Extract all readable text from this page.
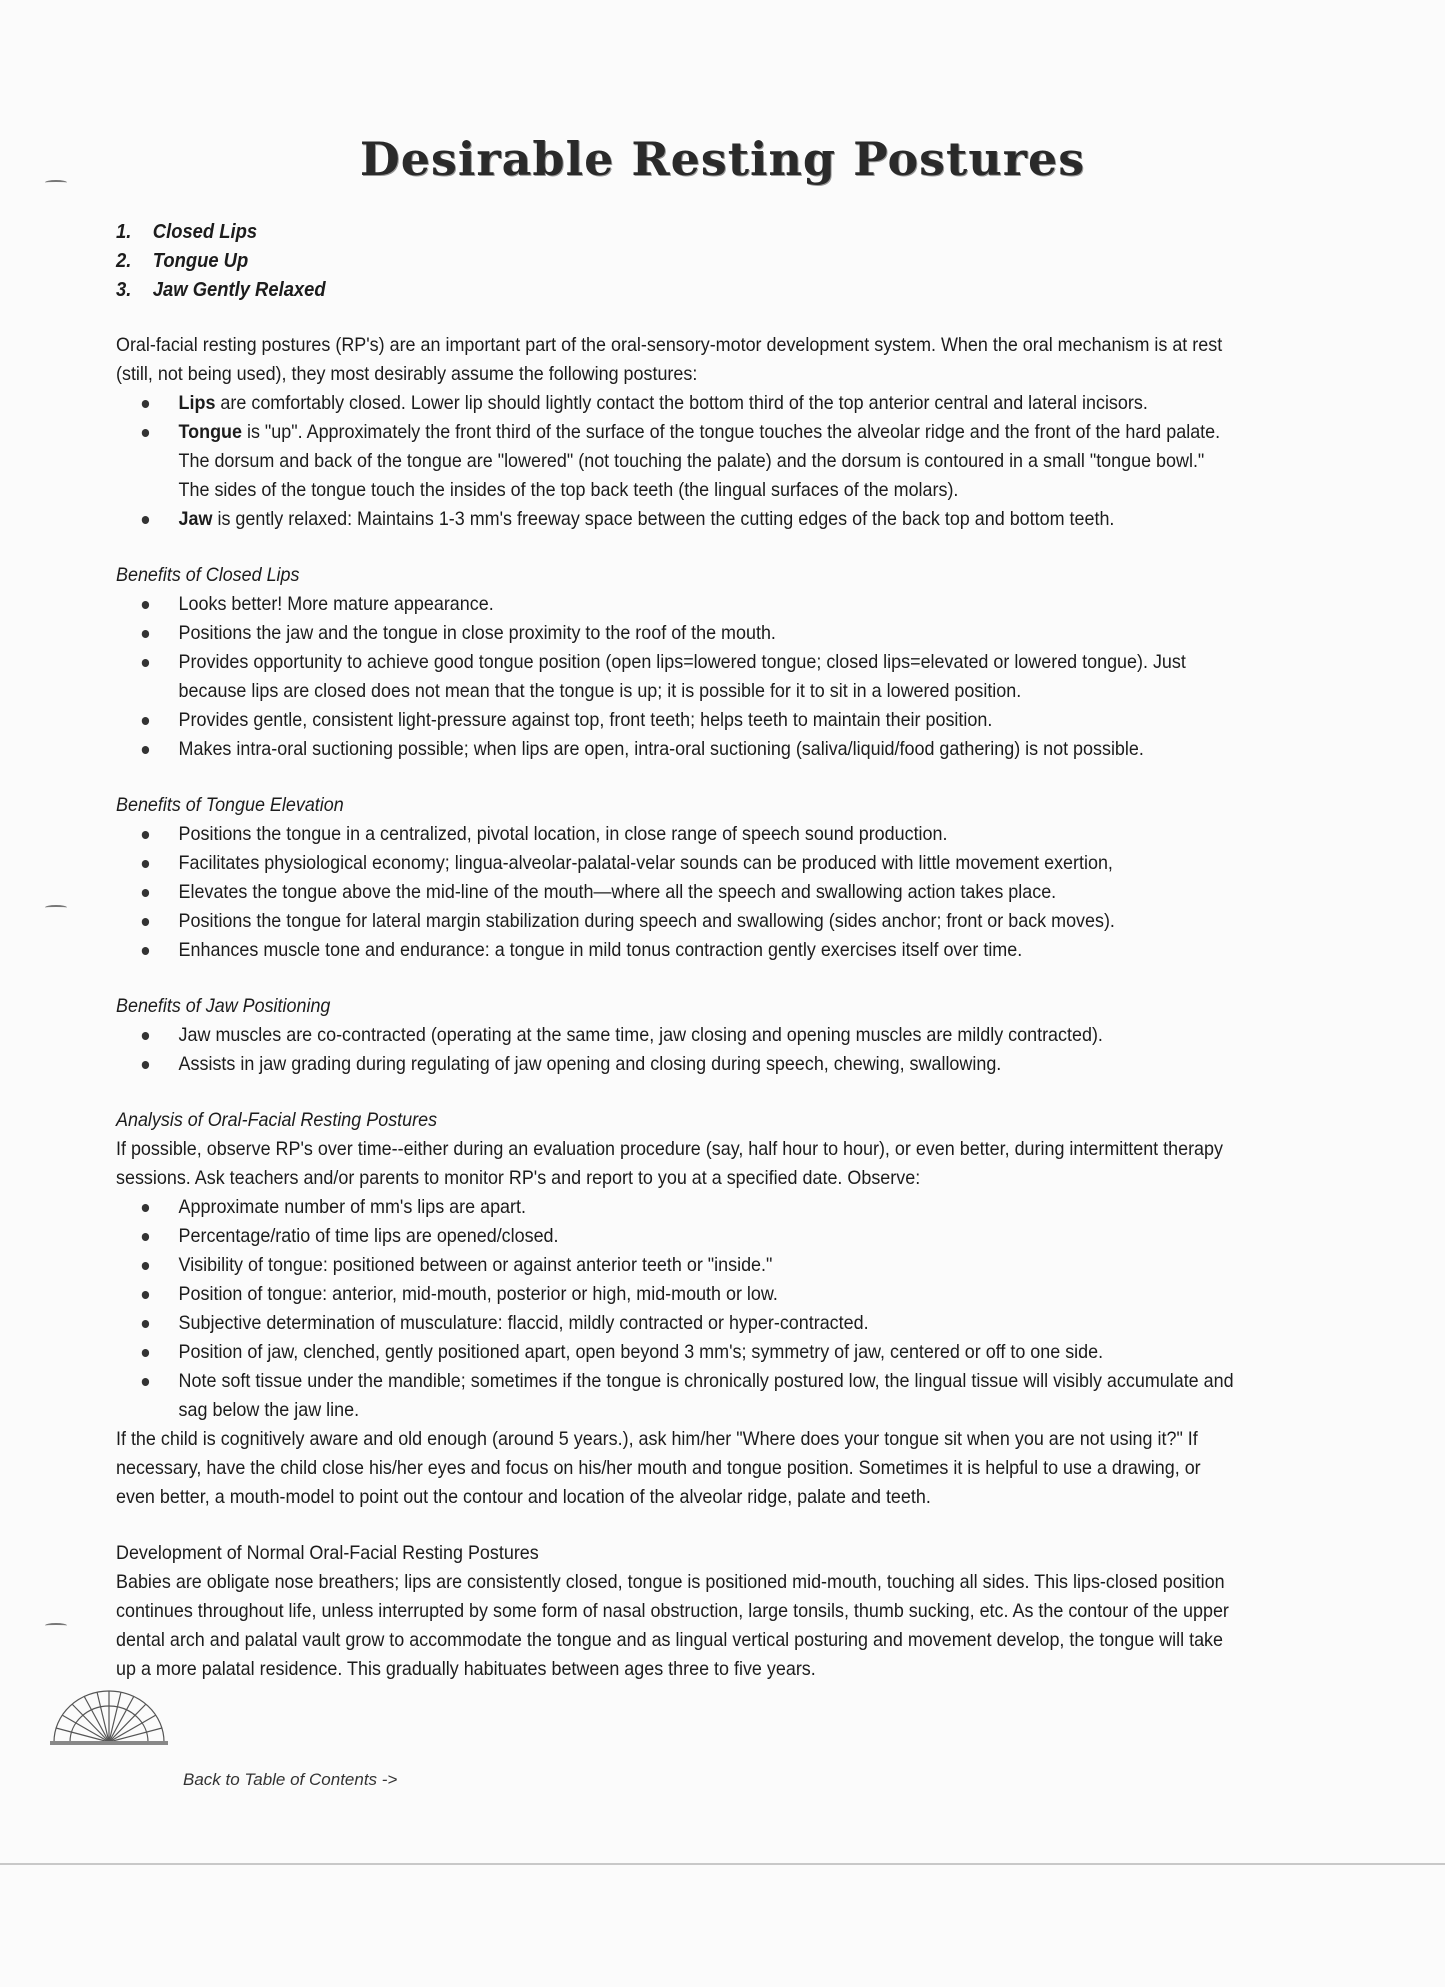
Desirable Resting Postures
1. Closed Lips
2. Tongue Up
3. Jaw Gently Relaxed

Oral-facial resting postures (RP's) are an important part of the oral-sensory-motor development system. When the oral mechanism is at rest (still, not being used), they most desirably assume the following postures:

Lips are comfortably closed. Lower lip should lightly contact the bottom third of the top anterior central and lateral incisors.
Tongue is "up". Approximately the front third of the surface of the tongue touches the alveolar ridge and the front of the hard palate. The dorsum and back of the tongue are "lowered" (not touching the palate) and the dorsum is contoured in a small "tongue bowl." The sides of the tongue touch the insides of the top back teeth (the lingual surfaces of the molars).
Jaw is gently relaxed: Maintains 1-3 mm's freeway space between the cutting edges of the back top and bottom teeth.

Benefits of Closed Lips

Looks better! More mature appearance.
Positions the jaw and the tongue in close proximity to the roof of the mouth.
Provides opportunity to achieve good tongue position (open lips=lowered tongue; closed lips=elevated or lowered tongue). Just because lips are closed does not mean that the tongue is up; it is possible for it to sit in a lowered position.
Provides gentle, consistent light-pressure against top, front teeth; helps teeth to maintain their position.
Makes intra-oral suctioning possible; when lips are open, intra-oral suctioning (saliva/liquid/food gathering) is not possible.

Benefits of Tongue Elevation

Positions the tongue in a centralized, pivotal location, in close range of speech sound production.
Facilitates physiological economy; lingua-alveolar-palatal-velar sounds can be produced with little movement exertion,
Elevates the tongue above the mid-line of the mouth—where all the speech and swallowing action takes place.
Positions the tongue for lateral margin stabilization during speech and swallowing (sides anchor; front or back moves).
Enhances muscle tone and endurance: a tongue in mild tonus contraction gently exercises itself over time.

Benefits of Jaw Positioning

Jaw muscles are co-contracted (operating at the same time, jaw closing and opening muscles are mildly contracted).
Assists in jaw grading during regulating of jaw opening and closing during speech, chewing, swallowing.

Analysis of Oral-Facial Resting Postures

If possible, observe RP's over time--either during an evaluation procedure (say, half hour to hour), or even better, during intermittent therapy sessions. Ask teachers and/or parents to monitor RP's and report to you at a specified date. Observe:

Approximate number of mm's lips are apart.
Percentage/ratio of time lips are opened/closed.
Visibility of tongue: positioned between or against anterior teeth or "inside."
Position of tongue: anterior, mid-mouth, posterior or high, mid-mouth or low.
Subjective determination of musculature: flaccid, mildly contracted or hyper-contracted.
Position of jaw, clenched, gently positioned apart, open beyond 3 mm's; symmetry of jaw, centered or off to one side.
Note soft tissue under the mandible; sometimes if the tongue is chronically postured low, the lingual tissue will visibly accumulate and sag below the jaw line.

If the child is cognitively aware and old enough (around 5 years.), ask him/her "Where does your tongue sit when you are not using it?" If necessary, have the child close his/her eyes and focus on his/her mouth and tongue position. Sometimes it is helpful to use a drawing, or even better, a mouth-model to point out the contour and location of the alveolar ridge, palate and teeth.

Development of Normal Oral-Facial Resting Postures

Babies are obligate nose breathers; lips are consistently closed, tongue is positioned mid-mouth, touching all sides. This lips-closed position continues throughout life, unless interrupted by some form of nasal obstruction, large tonsils, thumb sucking, etc. As the contour of the upper dental arch and palatal vault grow to accommodate the tongue and as lingual vertical posturing and movement develop, the tongue will take up a more palatal residence. This gradually habituates between ages three to five years.

Back to Table of Contents ->
